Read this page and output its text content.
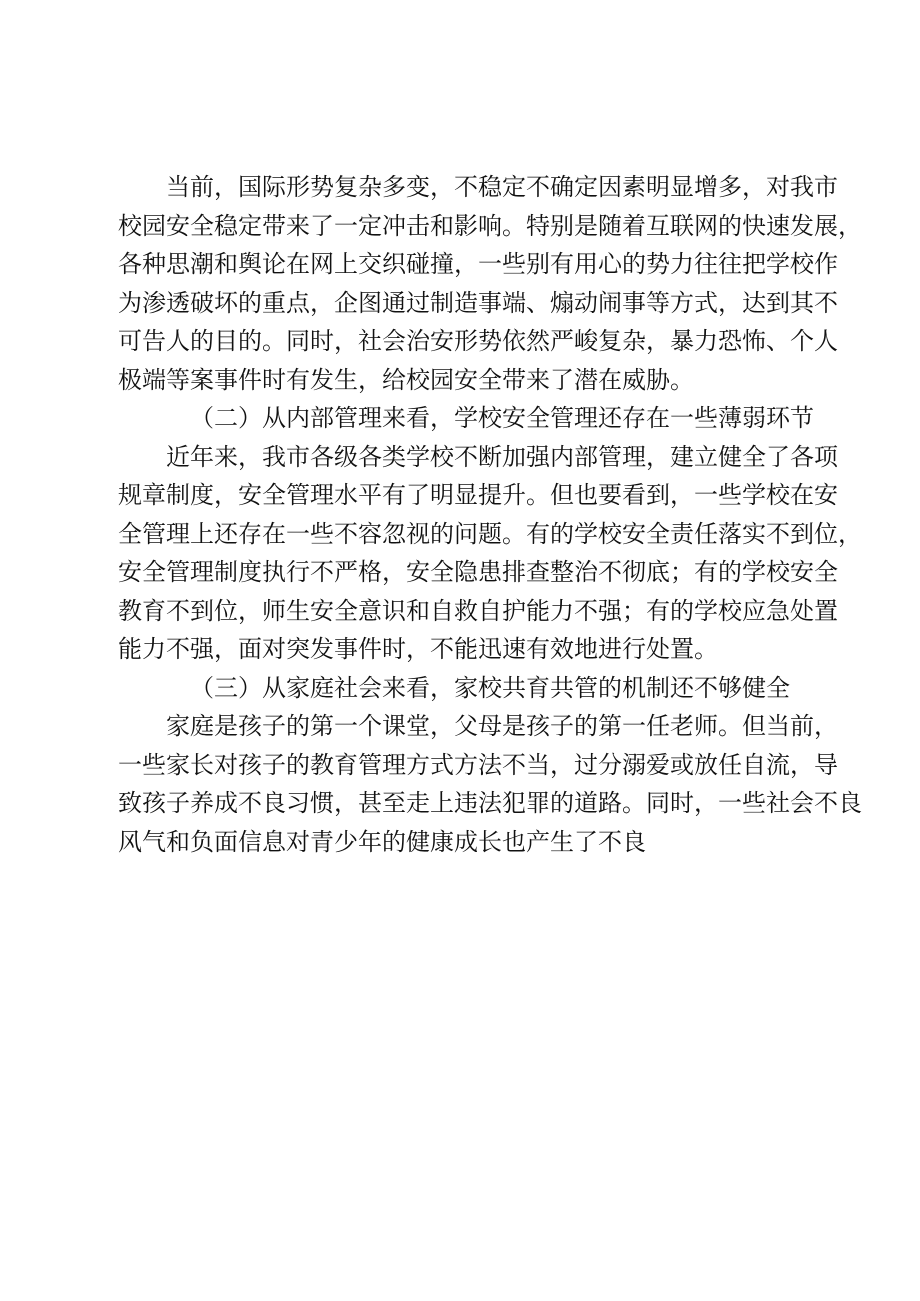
当前，国际形势复杂多变，不稳定不确定因素明显增多，对我市
校园安全稳定带来了一定冲击和影响。特别是随着互联网的快速发展，
各种思潮和舆论在网上交织碰撞，一些别有用心的势力往往把学校作
为渗透破坏的重点，企图通过制造事端、煽动闹事等方式，达到其不
可告人的目的。同时，社会治安形势依然严峻复杂，暴力恐怖、个人
极端等案事件时有发生，给校园安全带来了潜在威胁。
（二）从内部管理来看，学校安全管理还存在一些薄弱环节
近年来，我市各级各类学校不断加强内部管理，建立健全了各项
规章制度，安全管理水平有了明显提升。但也要看到，一些学校在安
全管理上还存在一些不容忽视的问题。有的学校安全责任落实不到位，
安全管理制度执行不严格，安全隐患排查整治不彻底；有的学校安全
教育不到位，师生安全意识和自救自护能力不强；有的学校应急处置
能力不强，面对突发事件时，不能迅速有效地进行处置。
（三）从家庭社会来看，家校共育共管的机制还不够健全
家庭是孩子的第一个课堂，父母是孩子的第一任老师。但当前，
一些家长对孩子的教育管理方式方法不当，过分溺爱或放任自流，导
致孩子养成不良习惯，甚至走上违法犯罪的道路。同时，一些社会不良
风气和负面信息对青少年的健康成长也产生了不良
